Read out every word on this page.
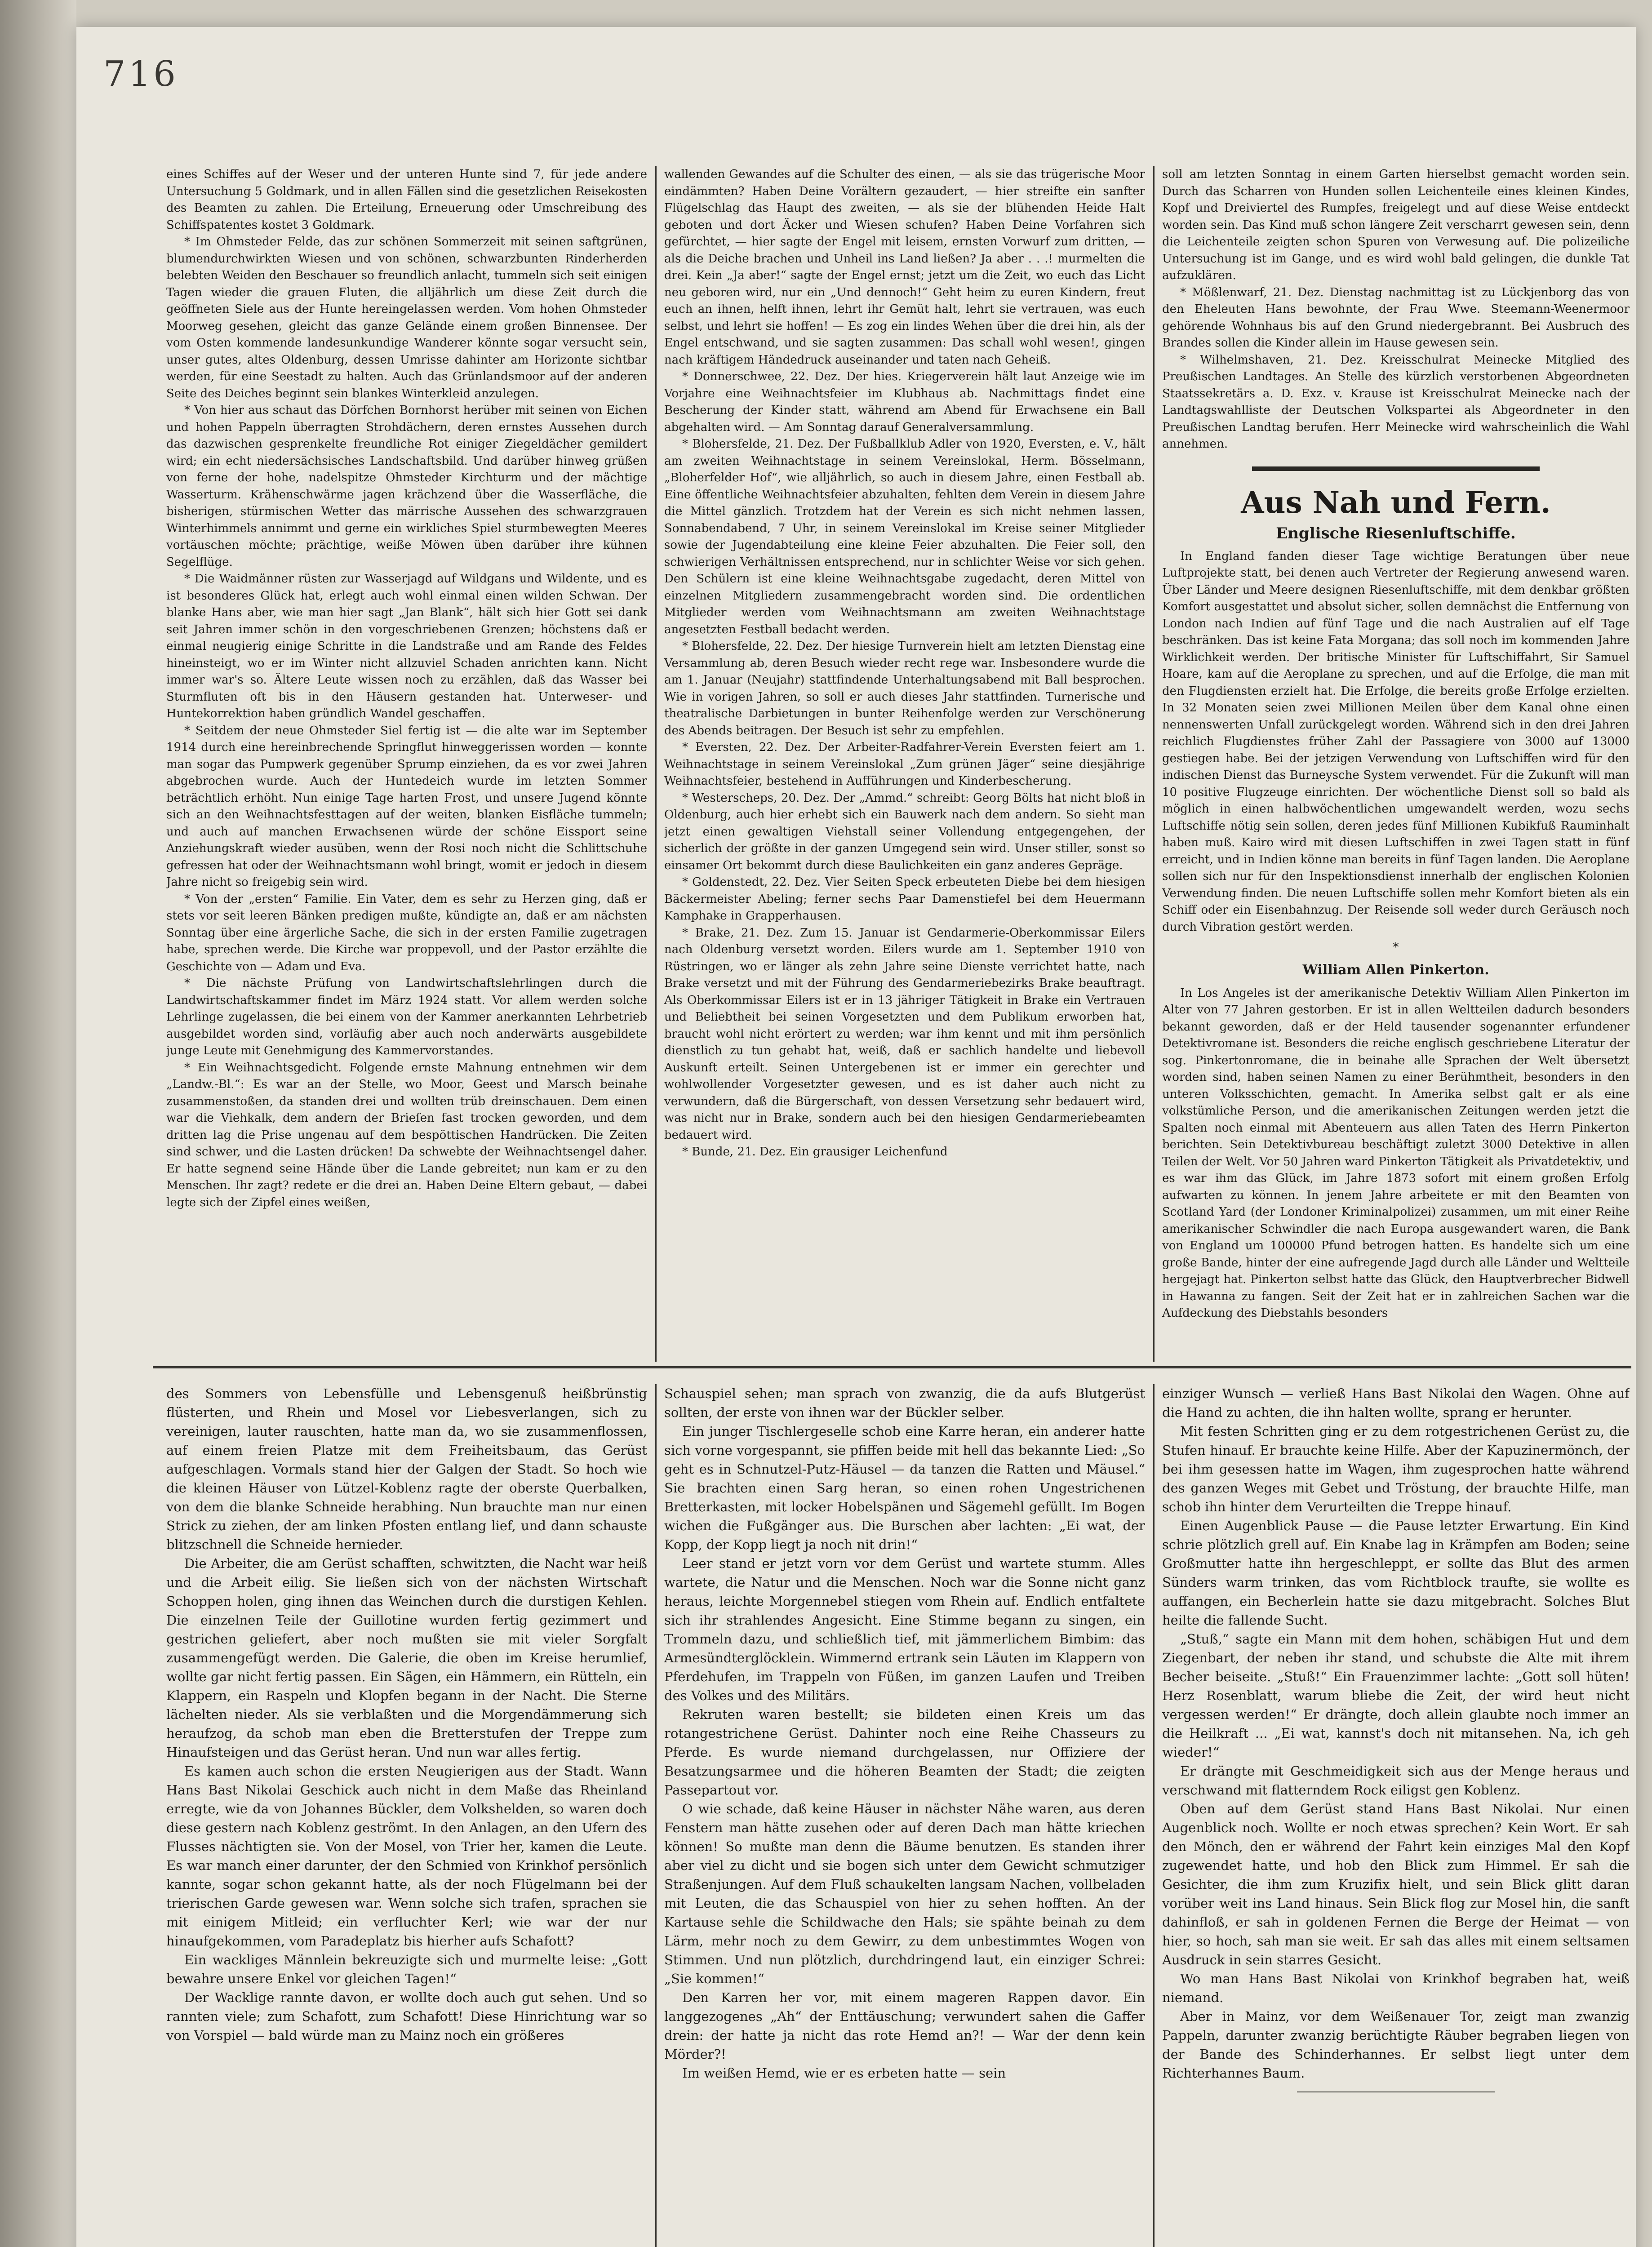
716

eines Schiffes auf der Weser und der unteren Hunte sind 7, für jede andere Untersuchung 5 Goldmark, und in allen Fällen sind die gesetzlichen Reisekosten des Beamten zu zahlen. Die Erteilung, Erneuerung oder Umschreibung des Schiffspatentes kostet 3 Goldmark.

* Im Ohmsteder Felde, das zur schönen Sommerzeit mit seinen saftgrünen, blumendurchwirkten Wiesen und von schönen, schwarzbunten Rinderherden belebten Weiden den Beschauer so freundlich anlacht, tummeln sich seit einigen Tagen wieder die grauen Fluten, die alljährlich um diese Zeit durch die geöffneten Siele aus der Hunte hereingelassen werden. Vom hohen Ohmsteder Moorweg gesehen, gleicht das ganze Gelände einem großen Binnensee. Der vom Osten kommende landesunkundige Wanderer könnte sogar versucht sein, unser gutes, altes Oldenburg, dessen Umrisse dahinter am Horizonte sichtbar werden, für eine Seestadt zu halten. Auch das Grünlandsmoor auf der anderen Seite des Deiches beginnt sein blankes Winterkleid anzulegen.

* Von hier aus schaut das Dörfchen Bornhorst herüber mit seinen von Eichen und hohen Pappeln überragten Strohdächern, deren ernstes Aussehen durch das dazwischen gesprenkelte freundliche Rot einiger Ziegeldächer gemildert wird; ein echt niedersächsisches Landschaftsbild. Und darüber hinweg grüßen von ferne der hohe, nadelspitze Ohmsteder Kirchturm und der mächtige Wasserturm. Krähenschwärme jagen krächzend über die Wasserfläche, die bisherigen, stürmischen Wetter das märrische Aussehen des schwarzgrauen Winterhimmels annimmt und gerne ein wirkliches Spiel sturmbewegten Meeres vortäuschen möchte; prächtige, weiße Möwen üben darüber ihre kühnen Segelflüge.

* Die Waidmänner rüsten zur Wasserjagd auf Wildgans und Wildente, und es ist besonderes Glück hat, erlegt auch wohl einmal einen wilden Schwan. Der blanke Hans aber, wie man hier sagt „Jan Blank“, hält sich hier Gott sei dank seit Jahren immer schön in den vorgeschriebenen Grenzen; höchstens daß er einmal neugierig einige Schritte in die Landstraße und am Rande des Feldes hineinsteigt, wo er im Winter nicht allzuviel Schaden anrichten kann. Nicht immer war's so. Ältere Leute wissen noch zu erzählen, daß das Wasser bei Sturmfluten oft bis in den Häusern gestanden hat. Unterweser- und Huntekorrektion haben gründlich Wandel geschaffen.

* Seitdem der neue Ohmsteder Siel fertig ist — die alte war im September 1914 durch eine hereinbrechende Springflut hinweggerissen worden — konnte man sogar das Pumpwerk gegenüber Sprump einziehen, da es vor zwei Jahren abgebrochen wurde. Auch der Huntedeich wurde im letzten Sommer beträchtlich erhöht. Nun einige Tage harten Frost, und unsere Jugend könnte sich an den Weihnachtsfesttagen auf der weiten, blanken Eisfläche tummeln; und auch auf manchen Erwachsenen würde der schöne Eissport seine Anziehungskraft wieder ausüben, wenn der Rosi noch nicht die Schlittschuhe gefressen hat oder der Weihnachtsmann wohl bringt, womit er jedoch in diesem Jahre nicht so freigebig sein wird.

* Von der „ersten“ Familie. Ein Vater, dem es sehr zu Herzen ging, daß er stets vor seit leeren Bänken predigen mußte, kündigte an, daß er am nächsten Sonntag über eine ärgerliche Sache, die sich in der ersten Familie zugetragen habe, sprechen werde. Die Kirche war proppevoll, und der Pastor erzählte die Geschichte von — Adam und Eva.

* Die nächste Prüfung von Landwirtschaftslehrlingen durch die Landwirtschaftskammer findet im März 1924 statt. Vor allem werden solche Lehrlinge zugelassen, die bei einem von der Kammer anerkannten Lehrbetrieb ausgebildet worden sind, vorläufig aber auch noch anderwärts ausgebildete junge Leute mit Genehmigung des Kammervorstandes.

* Ein Weihnachtsgedicht. Folgende ernste Mahnung entnehmen wir dem „Landw.-Bl.“: Es war an der Stelle, wo Moor, Geest und Marsch beinahe zusammenstoßen, da standen drei und wollten trüb dreinschauen. Dem einen war die Viehkalk, dem andern der Brieſen fast trocken geworden, und dem dritten lag die Prise ungenau auf dem bespöttischen Handrücken. Die Zeiten sind schwer, und die Lasten drücken! Da schwebte der Weihnachtsengel daher. Er hatte segnend seine Hände über die Lande gebreitet; nun kam er zu den Menschen. Ihr zagt? redete er die drei an. Haben Deine Eltern gebaut, — dabei legte sich der Zipfel eines weißen,

wallenden Gewandes auf die Schulter des einen, — als sie das trügerische Moor eindämmten? Haben Deine Vorältern gezaudert, — hier streifte ein sanfter Flügelschlag das Haupt des zweiten, — als sie der blühenden Heide Halt geboten und dort Äcker und Wiesen schufen? Haben Deine Vorfahren sich gefürchtet, — hier sagte der Engel mit leisem, ernsten Vorwurf zum dritten, — als die Deiche brachen und Unheil ins Land ließen? Ja aber . . .! murmelten die drei. Kein „Ja aber!“ sagte der Engel ernst; jetzt um die Zeit, wo euch das Licht neu geboren wird, nur ein „Und dennoch!“ Geht heim zu euren Kindern, freut euch an ihnen, helft ihnen, lehrt ihr Gemüt halt, lehrt sie vertrauen, was euch selbst, und lehrt sie hoffen! — Es zog ein lindes Wehen über die drei hin, als der Engel entschwand, und sie sagten zusammen: Das schall wohl wesen!, gingen nach kräftigem Händedruck auseinander und taten nach Geheiß.

* Donnerschwee, 22. Dez. Der hies. Kriegerverein hält laut Anzeige wie im Vorjahre eine Weihnachtsfeier im Klubhaus ab. Nachmittags findet eine Bescherung der Kinder statt, während am Abend für Erwachsene ein Ball abgehalten wird. — Am Sonntag darauf Generalversammlung.

* Blohersfelde, 21. Dez. Der Fußballklub Adler von 1920, Eversten, e. V., hält am zweiten Weihnachtstage in seinem Vereinslokal, Herm. Bösselmann, „Bloherfelder Hof“, wie alljährlich, so auch in diesem Jahre, einen Festball ab. Eine öffentliche Weihnachtsfeier abzuhalten, fehlten dem Verein in diesem Jahre die Mittel gänzlich. Trotzdem hat der Verein es sich nicht nehmen lassen, Sonnabendabend, 7 Uhr, in seinem Vereinslokal im Kreise seiner Mitglieder sowie der Jugendabteilung eine kleine Feier abzuhalten. Die Feier soll, den schwierigen Verhältnissen entsprechend, nur in schlichter Weise vor sich gehen. Den Schülern ist eine kleine Weihnachtsgabe zugedacht, deren Mittel von einzelnen Mitgliedern zusammengebracht worden sind. Die ordentlichen Mitglieder werden vom Weihnachtsmann am zweiten Weihnachtstage angesetzten Festball bedacht werden.

* Blohersfelde, 22. Dez. Der hiesige Turnverein hielt am letzten Dienstag eine Versammlung ab, deren Besuch wieder recht rege war. Insbesondere wurde die am 1. Januar (Neujahr) stattfindende Unterhaltungsabend mit Ball besprochen. Wie in vorigen Jahren, so soll er auch dieses Jahr stattfinden. Turnerische und theatralische Darbietungen in bunter Reihenfolge werden zur Verschönerung des Abends beitragen. Der Besuch ist sehr zu empfehlen.

* Eversten, 22. Dez. Der Arbeiter-Radfahrer-Verein Eversten feiert am 1. Weihnachtstage in seinem Vereinslokal „Zum grünen Jäger“ seine diesjährige Weihnachtsfeier, bestehend in Aufführungen und Kinderbescherung.

* Westerscheps, 20. Dez. Der „Ammd.“ schreibt: Georg Bölts hat nicht bloß in Oldenburg, auch hier erhebt sich ein Bauwerk nach dem andern. So sieht man jetzt einen gewaltigen Viehstall seiner Vollendung entgegengehen, der sicherlich der größte in der ganzen Umgegend sein wird. Unser stiller, sonst so einsamer Ort bekommt durch diese Baulichkeiten ein ganz anderes Gepräge.

* Goldenstedt, 22. Dez. Vier Seiten Speck erbeuteten Diebe bei dem hiesigen Bäckermeister Abeling; ferner sechs Paar Damenstiefel bei dem Heuermann Kamphake in Grapperhausen.

* Brake, 21. Dez. Zum 15. Januar ist Gendarmerie-Oberkommissar Eilers nach Oldenburg versetzt worden. Eilers wurde am 1. September 1910 von Rüstringen, wo er länger als zehn Jahre seine Dienste verrichtet hatte, nach Brake versetzt und mit der Führung des Gendarmeriebezirks Brake beauftragt. Als Oberkommissar Eilers ist er in 13 jähriger Tätigkeit in Brake ein Vertrauen und Beliebtheit bei seinen Vorgesetzten und dem Publikum erworben hat, braucht wohl nicht erörtert zu werden; war ihm kennt und mit ihm persönlich dienstlich zu tun gehabt hat, weiß, daß er sachlich handelte und liebevoll Auskunft erteilt. Seinen Untergebenen ist er immer ein gerechter und wohlwollender Vorgesetzter gewesen, und es ist daher auch nicht zu verwundern, daß die Bürgerschaft, von dessen Versetzung sehr bedauert wird, was nicht nur in Brake, sondern auch bei den hiesigen Gendarmeriebeamten bedauert wird.

* Bunde, 21. Dez. Ein grausiger Leichenfund

soll am letzten Sonntag in einem Garten hierselbst gemacht worden sein. Durch das Scharren von Hunden sollen Leichenteile eines kleinen Kindes, Kopf und Dreiviertel des Rumpfes, freigelegt und auf diese Weise entdeckt worden sein. Das Kind muß schon längere Zeit verscharrt gewesen sein, denn die Leichenteile zeigten schon Spuren von Verwesung auf. Die polizeiliche Untersuchung ist im Gange, und es wird wohl bald gelingen, die dunkle Tat aufzuklären.

* Mößlenwarf, 21. Dez. Dienstag nachmittag ist zu Lückjenborg das von den Eheleuten Hans bewohnte, der Frau Wwe. Steemann-Weenermoor gehörende Wohnhaus bis auf den Grund niedergebrannt. Bei Ausbruch des Brandes sollen die Kinder allein im Hause gewesen sein.

* Wilhelmshaven, 21. Dez. Kreisschulrat Meinecke Mitglied des Preußischen Landtages. An Stelle des kürzlich verstorbenen Abgeordneten Staatssekretärs a. D. Exz. v. Krause ist Kreisschulrat Meinecke nach der Landtagswahlliste der Deutschen Volkspartei als Abgeordneter in den Preußischen Landtag berufen. Herr Meinecke wird wahrscheinlich die Wahl annehmen.

Aus Nah und Fern.
Englische Riesenluftschiffe.

In England fanden dieser Tage wichtige Beratungen über neue Luftprojekte statt, bei denen auch Vertreter der Regierung anwesend waren. Über Länder und Meere designen Riesenluftschiffe, mit dem denkbar größten Komfort ausgestattet und absolut sicher, sollen demnächst die Entfernung von London nach Indien auf fünf Tage und die nach Australien auf elf Tage beschränken. Das ist keine Fata Morgana; das soll noch im kommenden Jahre Wirklichkeit werden. Der britische Minister für Luftschiffahrt, Sir Samuel Hoare, kam auf die Aeroplane zu sprechen, und auf die Erfolge, die man mit den Flugdiensten erzielt hat. Die Erfolge, die bereits große Erfolge erzielten. In 32 Monaten seien zwei Millionen Meilen über dem Kanal ohne einen nennenswerten Unfall zurückgelegt worden. Während sich in den drei Jahren reichlich Flugdienstes früher Zahl der Passagiere von 3000 auf 13000 gestiegen habe. Bei der jetzigen Verwendung von Luftschiffen wird für den indischen Dienst das Burneysche System verwendet. Für die Zukunft will man 10 positive Flugzeuge einrichten. Der wöchentliche Dienst soll so bald als möglich in einen halbwöchentlichen umgewandelt werden, wozu sechs Luftschiffe nötig sein sollen, deren jedes fünf Millionen Kubikfuß Rauminhalt haben muß. Kairo wird mit diesen Luftschiffen in zwei Tagen statt in fünf erreicht, und in Indien könne man bereits in fünf Tagen landen. Die Aeroplane sollen sich nur für den Inspektionsdienst innerhalb der englischen Kolonien Verwendung finden. Die neuen Luftschiffe sollen mehr Komfort bieten als ein Schiff oder ein Eisenbahnzug. Der Reisende soll weder durch Geräusch noch durch Vibration gestört werden.

*
William Allen Pinkerton.

In Los Angeles ist der amerikanische Detektiv William Allen Pinkerton im Alter von 77 Jahren gestorben. Er ist in allen Weltteilen dadurch besonders bekannt geworden, daß er der Held tausender sogenannter erfundener Detektivromane ist. Besonders die reiche englisch geschriebene Literatur der sog. Pinkertonromane, die in beinahe alle Sprachen der Welt übersetzt worden sind, haben seinen Namen zu einer Berühmtheit, besonders in den unteren Volksschichten, gemacht. In Amerika selbst galt er als eine volkstümliche Person, und die amerikanischen Zeitungen werden jetzt die Spalten noch einmal mit Abenteuern aus allen Taten des Herrn Pinkerton berichten. Sein Detektivbureau beschäftigt zuletzt 3000 Detektive in allen Teilen der Welt. Vor 50 Jahren ward Pinkerton Tätigkeit als Privatdetektiv, und es war ihm das Glück, im Jahre 1873 sofort mit einem großen Erfolg aufwarten zu können. In jenem Jahre arbeitete er mit den Beamten von Scotland Yard (der Londoner Kriminalpolizei) zusammen, um mit einer Reihe amerikanischer Schwindler die nach Europa ausgewandert waren, die Bank von England um 100000 Pfund betrogen hatten. Es handelte sich um eine große Bande, hinter der eine aufregende Jagd durch alle Länder und Weltteile hergejagt hat. Pinkerton selbst hatte das Glück, den Hauptverbrecher Bidwell in Hawanna zu fangen. Seit der Zeit hat er in zahlreichen Sachen war die Aufdeckung des Diebstahls besonders

des Sommers von Lebensfülle und Lebensgenuß heißbrünstig flüsterten, und Rhein und Mosel vor Liebesverlangen, sich zu vereinigen, lauter rauschten, hatte man da, wo sie zusammenflossen, auf einem freien Platze mit dem Freiheitsbaum, das Gerüst aufgeschlagen. Vormals stand hier der Galgen der Stadt. So hoch wie die kleinen Häuser von Lützel-Koblenz ragte der oberste Querbalken, von dem die blanke Schneide herabhing. Nun brauchte man nur einen Strick zu ziehen, der am linken Pfosten entlang lief, und dann schauste blitzschnell die Schneide hernieder.

Die Arbeiter, die am Gerüst schafften, schwitzten, die Nacht war heiß und die Arbeit eilig. Sie ließen sich von der nächsten Wirtschaft Schoppen holen, ging ihnen das Weinchen durch die durstigen Kehlen. Die einzelnen Teile der Guillotine wurden fertig gezimmert und gestrichen geliefert, aber noch mußten sie mit vieler Sorgfalt zusammengefügt werden. Die Galerie, die oben im Kreise herumlief, wollte gar nicht fertig passen. Ein Sägen, ein Hämmern, ein Rütteln, ein Klappern, ein Raspeln und Klopfen begann in der Nacht. Die Sterne lächelten nieder. Als sie verblaßten und die Morgendämmerung sich heraufzog, da schob man eben die Bretterstufen der Treppe zum Hinaufsteigen und das Gerüst heran. Und nun war alles fertig.

Es kamen auch schon die ersten Neugierigen aus der Stadt. Wann Hans Bast Nikolai Geschick auch nicht in dem Maße das Rheinland erregte, wie da von Johannes Bückler, dem Volkshelden, so waren doch diese gestern nach Koblenz geströmt. In den Anlagen, an den Ufern des Flusses nächtigten sie. Von der Mosel, von Trier her, kamen die Leute. Es war manch einer darunter, der den Schmied von Krinkhof persönlich kannte, sogar schon gekannt hatte, als der noch Flügelmann bei der trierischen Garde gewesen war. Wenn solche sich trafen, sprachen sie mit einigem Mitleid; ein verfluchter Kerl; wie war der nur hinaufgekommen, vom Paradeplatz bis hierher aufs Schafott?

Ein wackliges Männlein bekreuzigte sich und murmelte leise: „Gott bewahre unsere Enkel vor gleichen Tagen!“

Der Wacklige rannte davon, er wollte doch auch gut sehen. Und so rannten viele; zum Schafott, zum Schafott! Diese Hinrichtung war so von Vorspiel — bald würde man zu Mainz noch ein größeres

Schauspiel sehen; man sprach von zwanzig, die da aufs Blutgerüst sollten, der erste von ihnen war der Bückler selber.

Ein junger Tischlergeselle schob eine Karre heran, ein anderer hatte sich vorne vorgespannt, sie pfiffen beide mit hell das bekannte Lied: „So geht es in Schnutzel-Putz-Häusel — da tanzen die Ratten und Mäusel.“ Sie brachten einen Sarg heran, so einen rohen Ungestrichenen Bretterkasten, mit locker Hobelspänen und Sägemehl gefüllt. Im Bogen wichen die Fußgänger aus. Die Burschen aber lachten: „Ei wat, der Kopp, der Kopp liegt ja noch nit drin!“

Leer stand er jetzt vorn vor dem Gerüst und wartete stumm. Alles wartete, die Natur und die Menschen. Noch war die Sonne nicht ganz heraus, leichte Morgennebel stiegen vom Rhein auf. Endlich entfaltete sich ihr strahlendes Angesicht. Eine Stimme begann zu singen, ein Trommeln dazu, und schließlich tief, mit jämmerlichem Bimbim: das Armesündterglöcklein. Wimmernd ertrank sein Läuten im Klappern von Pferdehufen, im Trappeln von Füßen, im ganzen Laufen und Treiben des Volkes und des Militärs.

Rekruten waren bestellt; sie bildeten einen Kreis um das rotangestrichene Gerüst. Dahinter noch eine Reihe Chasseurs zu Pferde. Es wurde niemand durchgelassen, nur Offiziere der Besatzungsarmee und die höheren Beamten der Stadt; die zeigten Passepartout vor.

O wie schade, daß keine Häuser in nächster Nähe waren, aus deren Fenstern man hätte zusehen oder auf deren Dach man hätte kriechen können! So mußte man denn die Bäume benutzen. Es standen ihrer aber viel zu dicht und sie bogen sich unter dem Gewicht schmutziger Straßenjungen. Auf dem Fluß schaukelten langsam Nachen, vollbeladen mit Leuten, die das Schauspiel von hier zu sehen hofften. An der Kartause sehle die Schildwache den Hals; sie spähte beinah zu dem Lärm, mehr noch zu dem Gewirr, zu dem unbestimmtes Wogen von Stimmen. Und nun plötzlich, durchdringend laut, ein einziger Schrei: „Sie kommen!“

Den Karren her vor, mit einem mageren Rappen davor. Ein langgezogenes „Ah“ der Enttäuschung; verwundert sahen die Gaffer drein: der hatte ja nicht das rote Hemd an?! — War der denn kein Mörder?!

Im weißen Hemd, wie er es erbeten hatte — sein

einziger Wunsch — verließ Hans Bast Nikolai den Wagen. Ohne auf die Hand zu achten, die ihn halten wollte, sprang er herunter.

Mit festen Schritten ging er zu dem rotgestrichenen Gerüst zu, die Stufen hinauf. Er brauchte keine Hilfe. Aber der Kapuzinermönch, der bei ihm gesessen hatte im Wagen, ihm zugesprochen hatte während des ganzen Weges mit Gebet und Tröstung, der brauchte Hilfe, man schob ihn hinter dem Verurteilten die Treppe hinauf.

Einen Augenblick Pause — die Pause letzter Erwartung. Ein Kind schrie plötzlich grell auf. Ein Knabe lag in Krämpfen am Boden; seine Großmutter hatte ihn hergeschleppt, er sollte das Blut des armen Sünders warm trinken, das vom Richtblock traufte, sie wollte es auffangen, ein Becherlein hatte sie dazu mitgebracht. Solches Blut heilte die fallende Sucht.

„Stuß,“ sagte ein Mann mit dem hohen, schäbigen Hut und dem Ziegenbart, der neben ihr stand, und schubste die Alte mit ihrem Becher beiseite. „Stuß!“ Ein Frauenzimmer lachte: „Gott soll hüten! Herz Rosenblatt, warum bliebe die Zeit, der wird heut nicht vergessen werden!“ Er drängte, doch allein glaubte noch immer an die Heilkraft ... „Ei wat, kannst's doch nit mitansehen. Na, ich geh wieder!“

Er drängte mit Geschmeidigkeit sich aus der Menge heraus und verschwand mit flatterndem Rock eiligst gen Koblenz.

Oben auf dem Gerüst stand Hans Bast Nikolai. Nur einen Augenblick noch. Wollte er noch etwas sprechen? Kein Wort. Er sah den Mönch, den er während der Fahrt kein einziges Mal den Kopf zugewendet hatte, und hob den Blick zum Himmel. Er sah die Gesichter, die ihm zum Kruzifix hielt, und sein Blick glitt daran vorüber weit ins Land hinaus. Sein Blick flog zur Mosel hin, die sanft dahinfloß, er sah in goldenen Fernen die Berge der Heimat — von hier, so hoch, sah man sie weit. Er sah das alles mit einem seltsamen Ausdruck in sein starres Gesicht.

Wo man Hans Bast Nikolai von Krinkhof begraben hat, weiß niemand.

Aber in Mainz, vor dem Weißenauer Tor, zeigt man zwanzig Pappeln, darunter zwanzig berüchtigte Räuber begraben liegen von der Bande des Schinderhannes. Er selbst liegt unter dem Richterhannes Baum.
